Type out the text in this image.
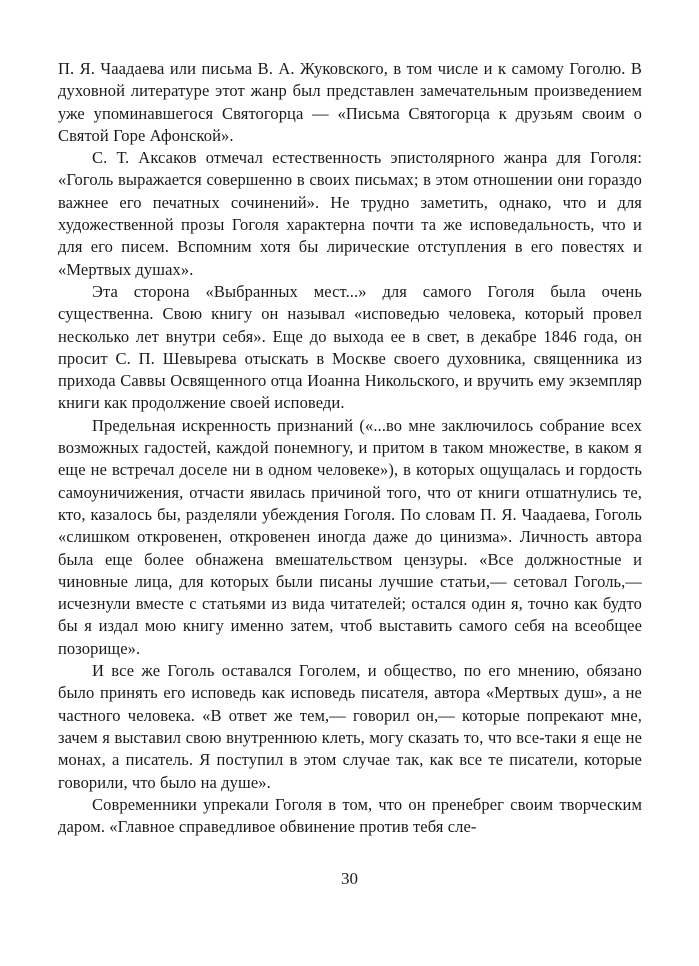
П. Я. Чаадаева или письма В. А. Жуковского, в том числе и к самому Гоголю. В духовной литературе этот жанр был представлен замечательным произведением уже упоминавшегося Святогорца — «Письма Святогорца к друзьям своим о Святой Горе Афонской».

С. Т. Аксаков отмечал естественность эпистолярного жанра для Гоголя: «Гоголь выражается совершенно в своих письмах; в этом отношении они гораздо важнее его печатных сочинений». Не трудно заметить, однако, что и для художественной прозы Гоголя характерна почти та же исповедальность, что и для его писем. Вспомним хотя бы лирические отступления в его повестях и «Мертвых душах».

Эта сторона «Выбранных мест...» для самого Гоголя была очень существенна. Свою книгу он называл «исповедью человека, который провел несколько лет внутри себя». Еще до выхода ее в свет, в декабре 1846 года, он просит С. П. Шевырева отыскать в Москве своего духовника, священника из прихода Саввы Освященного отца Иоанна Никольского, и вручить ему экземпляр книги как продолжение своей исповеди.

Предельная искренность признаний («...во мне заключилось собрание всех возможных гадостей, каждой понемногу, и притом в таком множестве, в каком я еще не встречал доселе ни в одном человеке»), в которых ощущалась и гордость самоуничижения, отчасти явилась причиной того, что от книги отшатнулись те, кто, казалось бы, разделяли убеждения Гоголя. По словам П. Я. Чаадаева, Гоголь «слишком откровенен, откровенен иногда даже до цинизма». Личность автора была еще более обнажена вмешательством цензуры. «Все должностные и чиновные лица, для которых были писаны лучшие статьи,— сетовал Гоголь,— исчезнули вместе с статьями из вида читателей; остался один я, точно как будто бы я издал мою книгу именно затем, чтоб выставить самого себя на всеобщее позорище».

И все же Гоголь оставался Гоголем, и общество, по его мнению, обязано было принять его исповедь как исповедь писателя, автора «Мертвых душ», а не частного человека. «В ответ же тем,— говорил он,— которые попрекают мне, зачем я выставил свою внутреннюю клеть, могу сказать то, что все-таки я еще не монах, а писатель. Я поступил в этом случае так, как все те писатели, которые говорили, что было на душе».

Современники упрекали Гоголя в том, что он пренебрег своим творческим даром. «Главное справедливое обвинение против тебя сле-

30
